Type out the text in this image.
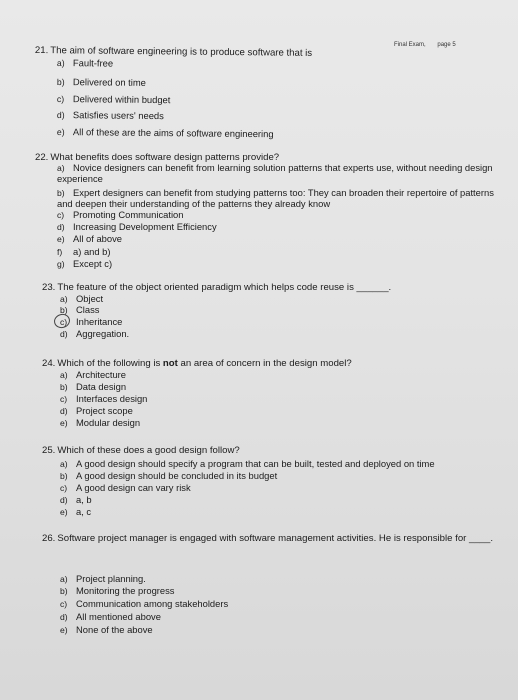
Final Exam, page 5
21. The aim of software engineering is to produce software that is
a) Fault-free
b) Delivered on time
c) Delivered within budget
d) Satisfies users' needs
e) All of these are the aims of software engineering
22. What benefits does software design patterns provide?
a) Novice designers can benefit from learning solution patterns that experts use, without needing design experience
b) Expert designers can benefit from studying patterns too: They can broaden their repertoire of patterns and deepen their understanding of the patterns they already know
c) Promoting Communication
d) Increasing Development Efficiency
e) All of above
f) a) and b)
g) Except c)
23. The feature of the object oriented paradigm which helps code reuse is ______.
a) Object
b) Class
c) Inheritance
d) Aggregation.
24. Which of the following is not an area of concern in the design model?
a) Architecture
b) Data design
c) Interfaces design
d) Project scope
e) Modular design
25. Which of these does a good design follow?
a) A good design should specify a program that can be built, tested and deployed on time
b) A good design should be concluded in its budget
c) A good design can vary risk
d) a, b
e) a, c
26. Software project manager is engaged with software management activities. He is responsible for ____.
a) Project planning.
b) Monitoring the progress
c) Communication among stakeholders
d) All mentioned above
e) None of the above
